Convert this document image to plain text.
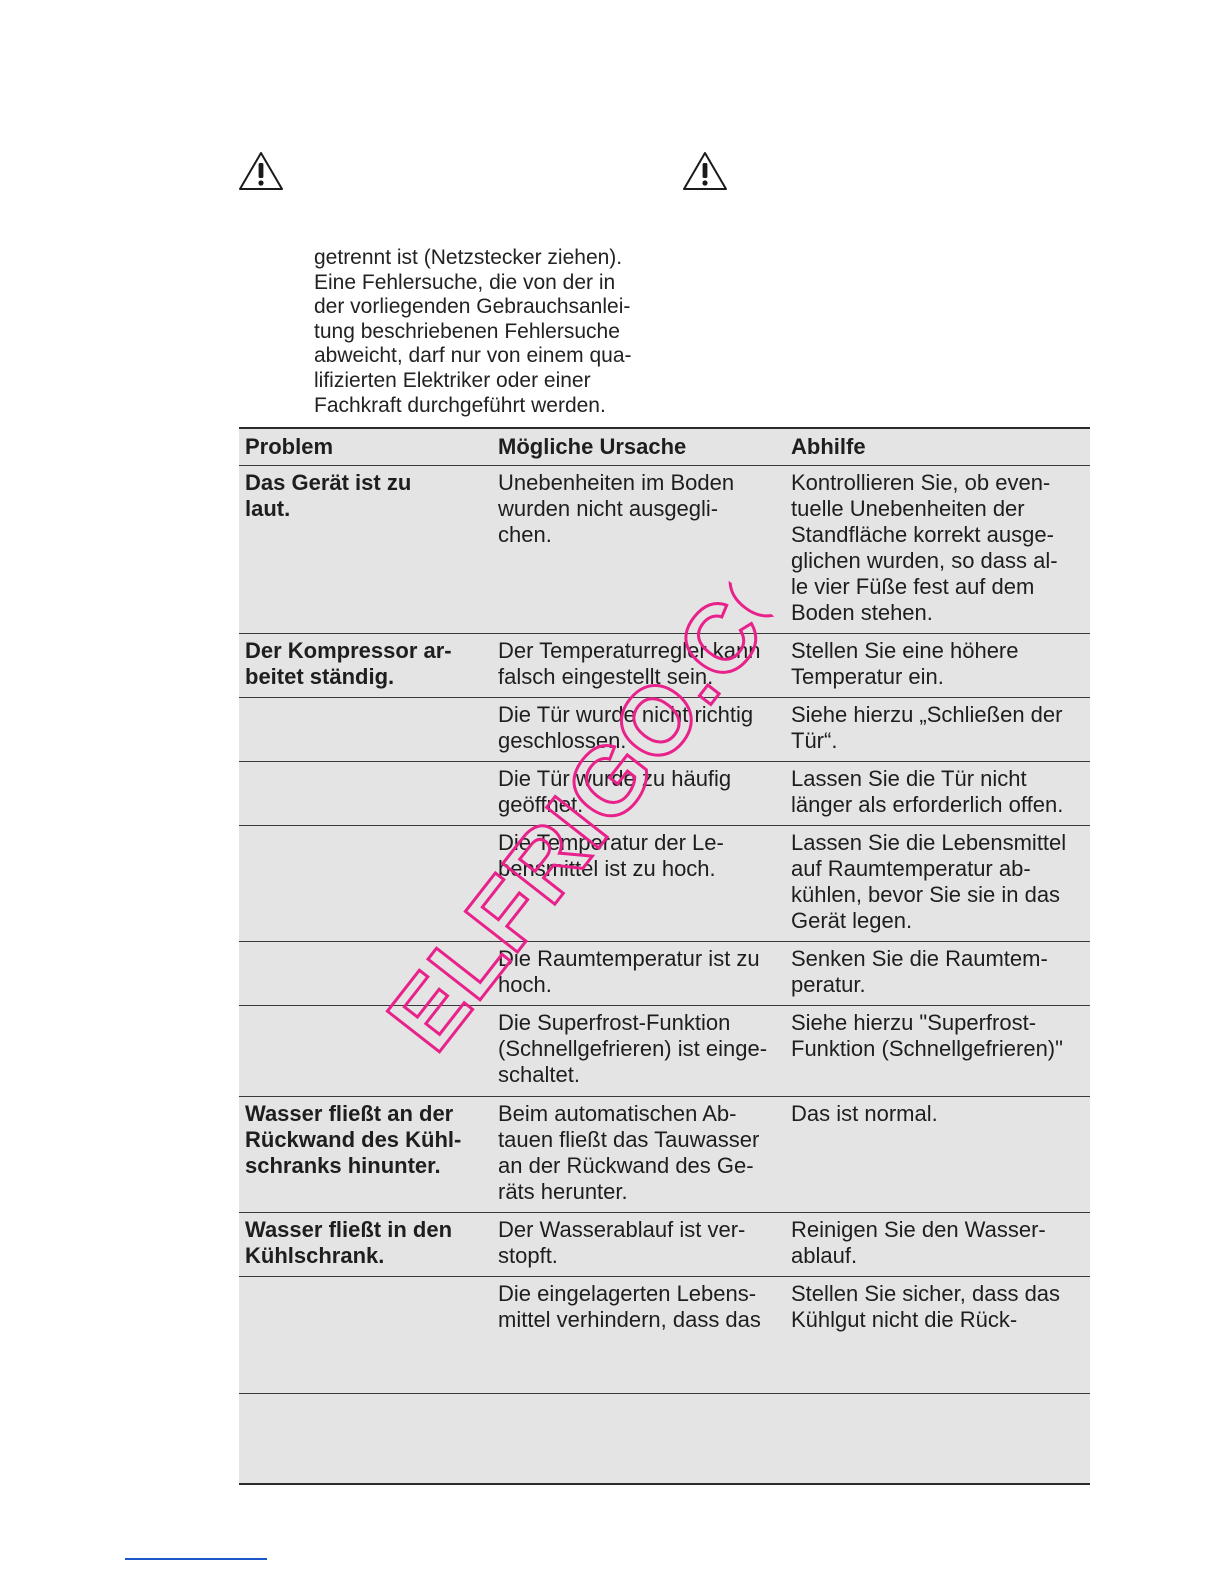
getrennt ist (Netzstecker ziehen).
Eine Fehlersuche, die von der in
der vorliegenden Gebrauchsanlei-
tung beschriebenen Fehlersuche
abweicht, darf nur von einem qua-
lifizierten Elektriker oder einer
Fachkraft durchgeführt werden.
Problem	Mögliche Ursache	Abhilfe
Das Gerät ist zu
laut.
Unebenheiten im Boden
wurden nicht ausgegli-
chen.
Kontrollieren Sie, ob even-
tuelle Unebenheiten der
Standfläche korrekt ausge-
glichen wurden, so dass al-
le vier Füße fest auf dem
Boden stehen.
Der Kompressor ar-
beitet ständig.
Der Temperaturregler kann
falsch eingestellt sein.
Stellen Sie eine höhere
Temperatur ein.
Die Tür wurde nicht richtig
geschlossen.
Siehe hierzu „Schließen der
Tür“.
Die Tür wurde zu häufig
geöffnet.
Lassen Sie die Tür nicht
länger als erforderlich offen.
Die Temperatur der Le-
bensmittel ist zu hoch.
Lassen Sie die Lebensmittel
auf Raumtemperatur ab-
kühlen, bevor Sie sie in das
Gerät legen.
Die Raumtemperatur ist zu
hoch.
Senken Sie die Raumtem-
peratur.
Die Superfrost-Funktion
(Schnellgefrieren) ist einge-
schaltet.
Siehe hierzu "Superfrost-
Funktion (Schnellgefrieren)"
Wasser fließt an der
Rückwand des Kühl-
schranks hinunter.
Beim automatischen Ab-
tauen fließt das Tauwasser
an der Rückwand des Ge-
räts herunter.
Das ist normal.
Wasser fließt in den
Kühlschrank.
Der Wasserablauf ist ver-
stopft.
Reinigen Sie den Wasser-
ablauf.
Die eingelagerten Lebens-
mittel verhindern, dass das
Stellen Sie sicher, dass das
Kühlgut nicht die Rück-
QUELFRIGO.COM
